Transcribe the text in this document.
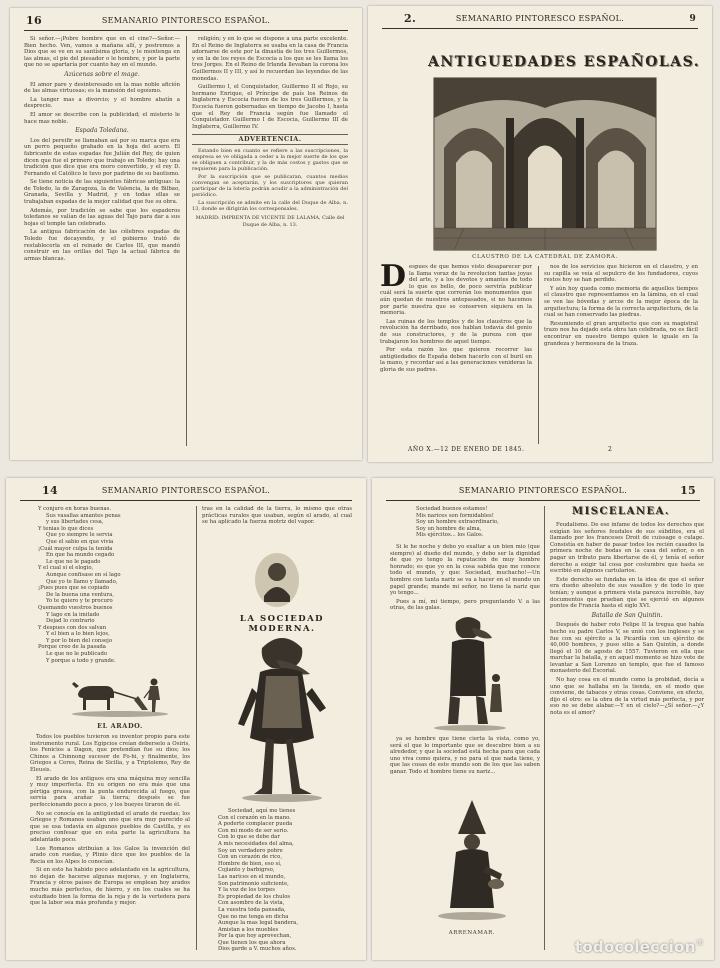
16	SEMANARIO PINTORESCO ESPAÑOL.

Si señor.—¡Pobre hombre que en el cine?—Señor.—Bien hecho. Ven, vamos a mañana allí, y postremos a Dios que se ve en su santísima gloria, y le montenga en las almas, el pie del piesador o le hombre, y por la parte que no se apartaría por cuanto hay en el mundo.

Azúcenas sobre el mage.

El amor pare y desinteresado en la mas noble afición de las almas virtuosas; es la mansión del egoísmo.

La tanger mas a divorcio; y el hombre abatín a desprecio.

El amor se describe con la publicidad; el misterio le hace mas noble.

Espada Toledana.

Los del pereifir se llamaban así por su marca que era un perro pequeño grabado en la hoja del acero. El fabricante de estas espadas fue Julián del Rey, de quien dicen que fue el primero que trabajo en Toledo; hay una tradición que dice que era moro convertido, y el rey D. Fernando el Católico le tuvo por padrino de su bautismo.

Se tiene noticia de las siguientes fábricas antiguas: la de Toledo, la de Zaragoza, la de Valencia, la de Bilbao, Granada, Sevilla y Madrid, y en todas ellas se trabajaban espadas de la mejor calidad que fue su obra.

Además, por tradición se sabe que los espaderos toledanos se valían de las aguas del Tajo para dar a sus hojas el temple tan celebrado.

La antigua fabricación de las célebres espadas de Toledo fue decayendo, y el gobierno trató de restablecerla en el reinado de Carlos III, que mandó construir en las orillas del Tajo la actual fábrica de armas blancas.

religión; y en lo que se dispone a una parte excelente. En el Reino de Inglaterra se usaba en la casa de Francia adornarse de este por la dinastía de los tres Guillermos, y en la de los reyes de Escocia a los que se les llama los tres Jorges. En el Reino de Irlanda llevaban la corona los Guillermos II y III, y así lo recuerdan las leyendas de las monedas.

Guillermo I, el Conquistador, Guillermo II el Rojo, su hermano Enrique, el Príncipe de país los Reinos de Inglaterra y Escocia fueron de los tres Guillermos, y la Escocia fueron gobernadas en tiempo de Jacobo I, hasta que el Rey de Francia según fue llamado el Conquistador. Guillermo I de Escocia, Guillermo III de Inglaterra, Guillermo IV.

ADVERTENCIA.

Estando bien en cuanto se refiere a las suscripciones, la empresa se ve obligada a ceder a la mejor suerte de los que se obliguen a contribuir, y la de más costos y gastos que se requieren para la publicación.

Por la suscripción que se publicaran, cuantos medios convengan se aceptarán, y los suscriptores que quieran participar de la lotería podrán acudir a la administración del periódico.

La suscripción se admite en la calle del Duque de Alba, n. 13, donde se dirigirán los corresponsales.

MADRID: IMPRENTA DE VICENTE DE LALAMA, Calle del Duque de Alba, n. 13.

2.	SEMANARIO PINTORESCO ESPAÑOL.	9
ANTIGUEDADES ESPAÑOLAS.
CLAUSTRO DE LA CATEDRAL DE ZAMORA.
D espues de que hemos visto desaparecer por la llama voraz de la revolucion tantas joyas del arte, y a los devotos y amantes de todo lo que es bello, de poco serviría publicar cuál será la suerte que correrán los monumentos que aún quedan de nuestros antepasados, si no hacemos por parte nuestra que se conserven siquiera en la memoria.

Las ruinas de los templos y de los claustros que la revolución ha derribado, nos hablan todavía del genio de sus constructores, y de la pureza con que trabajaron los hombres de aquel tiempo.

Por esta razón los que quieren recorrer las antigüedades de España deben hacerlo con el buril en la mano, y recordar así a las generaciones venideras la gloria de sus padres.

nos de los servicios que hicieron en el claustro, y en su capilla se veía el sepulcro de los fundadores, cuyos restos hoy se han perdido.

Y aún hoy queda como memoria de aquellos tiempos el claustro que representamos en la lámina, en el cual se ven las bóvedas y arcos de la mejor época de la arquitectura; la forma de la correcta arquitectura, de la cual se han conservado las piedras.

Resumiendo el gran arquitecto que con su magistral trazo nos ha dejado esta obra tan celebrada, no es fácil encontrar en nuestro tiempo quien le iguale en la grandeza y hermosura de la traza.

AÑO X.—12 DE ENERO DE 1845.	2
14	SEMANARIO PINTORESCO ESPAÑOL.
Y conjuro en horas buenas.
Sus vasallas amantes penas
y sus libertades cesa,
Y tenias lo que dices
Que yo siempre le servia
Que el sabio en que vivia
¡Cuál mayor culpa la tenida
En que ha mundo cegado
Le que no le pagado
Y el cual si el elogio,
Aunque confisase en sí lago
Que yo te llamo y llamado,
¡Pues pues que se copiado
De la buena una ventura,
Yo te quiero y te procuro
Quemando vuestros buenos
Y lago en la imitado
Dejad lo contrario
Y despues con dos salvan
Y el bien a lo bien lejos,
Y por lo bien del consejo
Porque creo de la pasada
Le que no le publicado
Y porque a todo y grande.
EL ARADO.

Todos los pueblos tuvieron su inventor propio para este instrumento rural. Los Egipcios creían deberselo a Osiris, los Fenicios a Dagon, que pretendían fue su dios; los Chinos a Chinnong sucesor de Fo-hi, y finalmente, los Griegos a Ceres, Reina de Sicilia, y a Triptolemo, Rey de Eleusis.

El arado de los antiguos era una máquina muy sencilla y muy imperfecta. En su origen no era más que una pértiga gruesa, con la punta endurecida al fuego, que servía para arañar la tierra; después se fue perfeccionando poco a poco, y los bueyes tiraron de él.

No se conocía en la antigüedad el arado de ruedas; los Griegos y Romanos usaban uno que era muy parecido al que se usa todavía en algunos pueblos de Castilla, y es preciso confesar que en esta parte la agricultura ha adelantado poco.

Los Romanos atribuían a los Galos la invención del arado con ruedas, y Plinio dice que los pueblos de la Recia en los Alpes lo conocían.

Si en esto ha habido poco adelantado en la agricultura, no dejan de hacerse algunas mejoras, y en Inglaterra, Francia y otros países de Europa se emplean hoy arados mucho más perfectos, de hierro, y en los cuales se ha estudiado bien la forma de la reja y de la vertedera para que la labor sea más profunda y mejor.

tras en la calidad de la tierra, lo mismo que otras prácticas rurales que usaban, según el arado, al cual se ha aplicado la fuerza motriz del vapor.

LA SOCIEDAD MODERNA.
Sociedad, aquí me tienes
Con el corazón en la mano.
A poderte complacer pueda
Con mi modo de ser serio.
Con lo que se debe dar
A mis necesidades del alma,
Soy un verdadero pobre
Con un corazón de rico,
Hombre de bien, eso sí,
Cojianto y barbigrso,
Las narices en el mundo,
Son patrimonio suficiente,
Y la voz de los torpes
Es propiedad de los chulos
Con asombro de la vista,
La vuestra toda pansada,
Que no me tenga en dicha
Aunque la mas legal bandera,
Amistan a los muebles
Por la que hoy aprovechan,
Que tienen los que ahora
Dios garde a V. muchos años.
SEMANARIO PINTORESCO ESPAÑOL.	15
Sociedad buenos estamos!
Mis narices son formidables!
Soy un hombre extraordinario,
Soy un hombre de alma,
Mis ejércitos... los Galos.

Si le he noche y debo yo exaltar a un bien mio (que siempre) al dueño del mundo, y debo ser la dignidad de que yo tengo la reputación de muy hombre honrado; es que yo en la cosa sabida que me conoce todo el mundo, y que: Sociedad, muchacho!—Un hombre con tanta nariz se va a hacer en el mundo un papel grande; mande mi señor, no tiene la nariz que yo tengo...

Pues a mí, mi tiempo, pero preguntando V. a las otras, de las galas.

ya se hombre que tiene cierta la vista, como yo, será el que lo importante que se descubre bien a su alrededor, y que la sociedad está hecha para que cada uno viva como quiera, y no para el que nada tiene, y que las cosas de este mundo son de los que las saben ganar. Todo el hombre tiene su nariz...

ARRENAMAR.
MISCELANEA.

Feudalismo. De ese infame de todos los derechos que exigían los señores feudales de sus súbditos, era el llamado por los franceses Droit de cuissage o culage. Consistía en haber de pasar todos los recién casados la primera noche de bodas en la casa del señor, o en pagar un tributo para libertarse de él, y tenía el señor derecho a exigir tal cosa por costumbre que hasta se escribió en algunos cartularios.

Este derecho se fundaba en la idea de que el señor era dueño absoluto de sus vasallos y de todo lo que tenían; y aunque a primera vista parezca increíble, hay documentos que prueban que se ejerció en algunos puntos de Francia hasta el siglo XVI.

Batalla de San Quintin.

Después de haber roto Felipe II la tregua que había hecho su padre Carlos V, se unió con los ingleses y se fue con su ejército a la Picardía con un ejército de 40,000 hombres, y puso sitio a San Quintín, a donde llegó el 10 de agosto de 1557. Tuvieron en ella que marchar la batalla, y en aquel momento se hizo voto de levantar a San Lorenzo un templo, que fue el famoso monasterio del Escorial.

No hay cosa en el mundo como la probidad, decía a uno que se hallaba en la tienda, en el modo que conviene, de tabacos y otras cosas. Conviene, en efecto, dijo el otro: es la obra de la virtud más perfecta, y por eso no se debe alabar.—Y en el cielo?—¿Sí señor.—¿Y nota es el amor?

todocoleccion®
